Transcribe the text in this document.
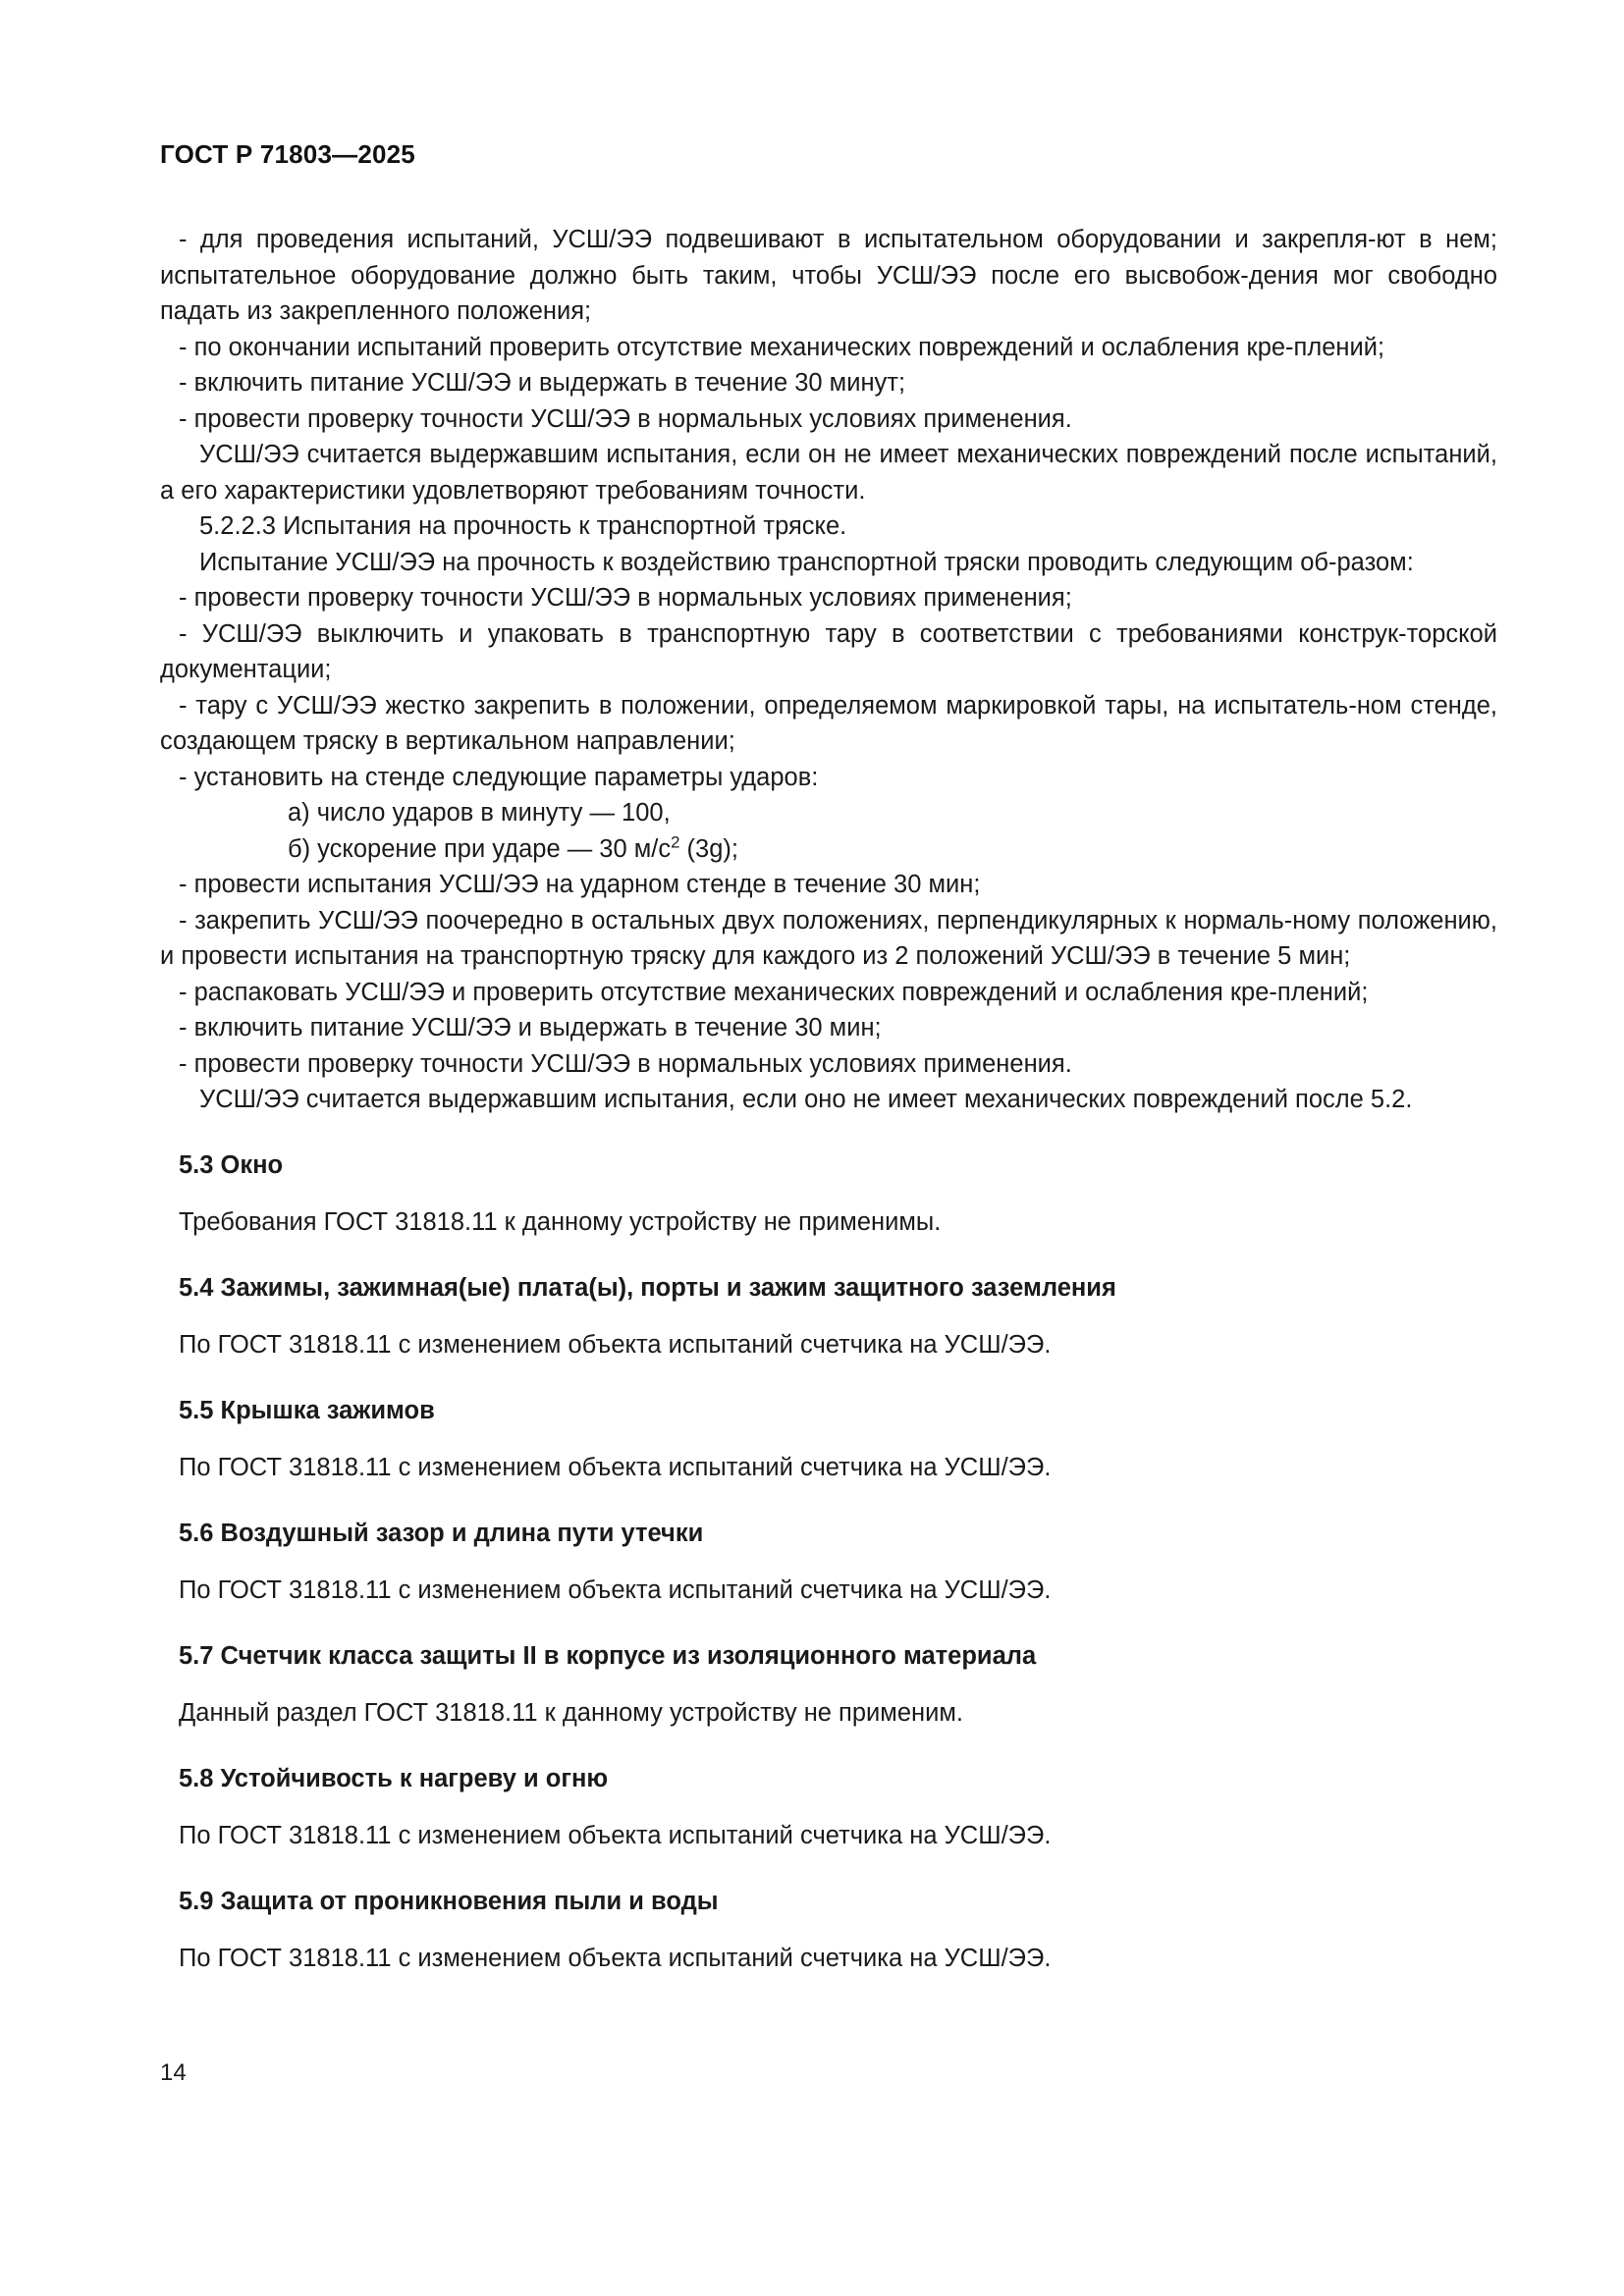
ГОСТ Р 71803—2025

- для проведения испытаний, УСШ/ЭЭ подвешивают в испытательном оборудовании и закрепля-ют в нем; испытательное оборудование должно быть таким, чтобы УСШ/ЭЭ после его высвобож-дения мог свободно падать из закрепленного положения;

- по окончании испытаний проверить отсутствие механических повреждений и ослабления кре-плений;

- включить питание УСШ/ЭЭ и выдержать в течение 30 минут;

- провести проверку точности УСШ/ЭЭ в нормальных условиях применения.

УСШ/ЭЭ считается выдержавшим испытания, если он не имеет механических повреждений после испытаний, а его характеристики удовлетворяют требованиям точности.

5.2.2.3 Испытания на прочность к транспортной тряске.

Испытание УСШ/ЭЭ на прочность к воздействию транспортной тряски проводить следующим об-разом:

- провести проверку точности УСШ/ЭЭ в нормальных условиях применения;

- УСШ/ЭЭ выключить и упаковать в транспортную тару в соответствии с требованиями конструк-торской документации;

- тару с УСШ/ЭЭ жестко закрепить в положении, определяемом маркировкой тары, на испытатель-ном стенде, создающем тряску в вертикальном направлении;

- установить на стенде следующие параметры ударов:

а) число ударов в минуту — 100,

б) ускорение при ударе — 30 $м/с^2$ (3g);

- провести испытания УСШ/ЭЭ на ударном стенде в течение 30 мин;

- закрепить УСШ/ЭЭ поочередно в остальных двух положениях, перпендикулярных к нормаль-ному положению, и провести испытания на транспортную тряску для каждого из 2 положений УСШ/ЭЭ в течение 5 мин;

- распаковать УСШ/ЭЭ и проверить отсутствие механических повреждений и ослабления кре-плений;

- включить питание УСШ/ЭЭ и выдержать в течение 30 мин;

- провести проверку точности УСШ/ЭЭ в нормальных условиях применения.

УСШ/ЭЭ считается выдержавшим испытания, если оно не имеет механических повреждений после 5.2.

5.3 Окно

Требования ГОСТ 31818.11 к данному устройству не применимы.

5.4 Зажимы, зажимная(ые) плата(ы), порты и зажим защитного заземления

По ГОСТ 31818.11 с изменением объекта испытаний счетчика на УСШ/ЭЭ.

5.5 Крышка зажимов

По ГОСТ 31818.11 с изменением объекта испытаний счетчика на УСШ/ЭЭ.

5.6 Воздушный зазор и длина пути утечки

По ГОСТ 31818.11 с изменением объекта испытаний счетчика на УСШ/ЭЭ.

5.7 Счетчик класса защиты II в корпусе из изоляционного материала

Данный раздел ГОСТ 31818.11 к данному устройству не применим.

5.8 Устойчивость к нагреву и огню

По ГОСТ 31818.11 с изменением объекта испытаний счетчика на УСШ/ЭЭ.

5.9 Защита от проникновения пыли и воды

По ГОСТ 31818.11 с изменением объекта испытаний счетчика на УСШ/ЭЭ.

14
